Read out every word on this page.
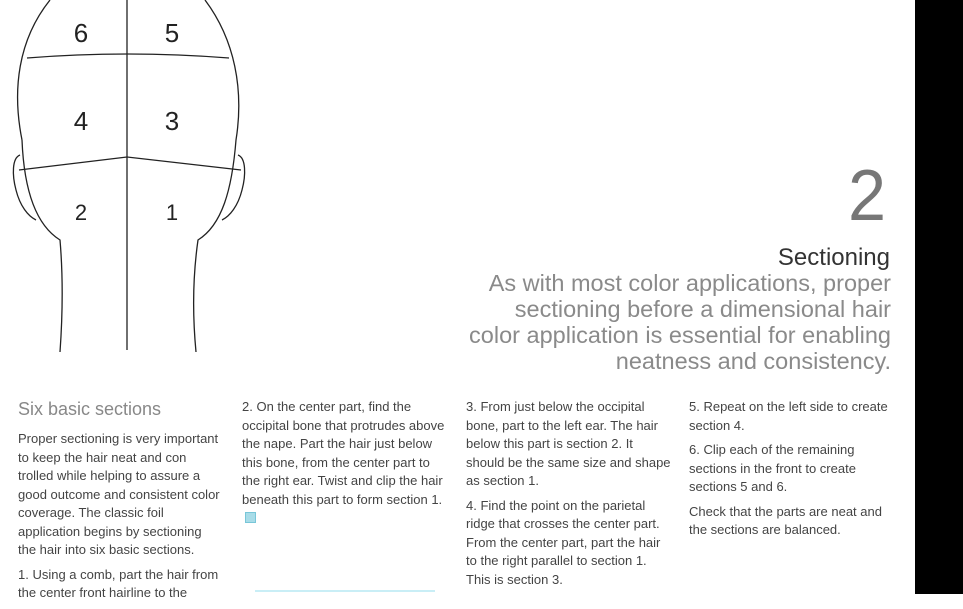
6	5
4	3
2	1	2
Sectioning
As with most color applications, proper sectioning before a dimensional hair color application is essential for enabling neatness and consistency.
Six basic sections

Proper sectioning is very important to keep the hair neat and con trolled while helping to assure a good outcome and consistent color coverage. The classic foil application begins by sectioning the hair into six basic sections.

1. Using a comb, part the hair from the center front hairline to the

2. On the center part, find the occipital bone that protrudes above the nape. Part the hair just below this bone, from the center part to the right ear. Twist and clip the hair beneath this part to form section 1.

3. From just below the occipital bone, part to the left ear. The hair below this part is section 2. It should be the same size and shape as section 1.

4. Find the point on the parietal ridge that crosses the center part. From the center part, part the hair to the right parallel to section 1. This is section 3.

5. Repeat on the left side to create section 4.

6. Clip each of the remaining sections in the front to create sections 5 and 6.

Check that the parts are neat and the sections are balanced.
